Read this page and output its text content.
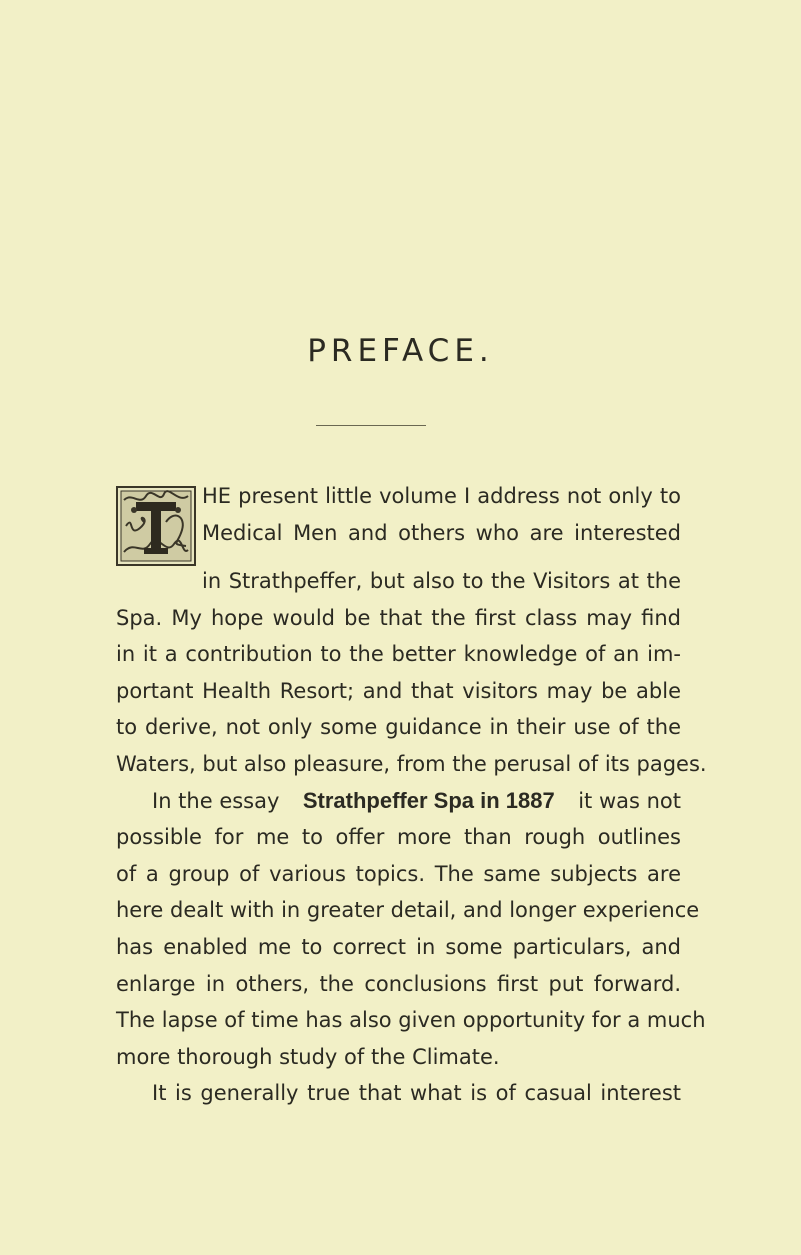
PREFACE.
HE present little volume I address not only to
Medical Men and others who are interested
in Strathpeffer, but also to the Visitors at the
Spa. My hope would be that the first class may find
in it a contribution to the better knowledge of an im-
portant Health Resort; and that visitors may be able
to derive, not only some guidance in their use of the
Waters, but also pleasure, from the perusal of its pages.
In the essay Strathpeffer Spa in 1887 it was not
possible for me to offer more than rough outlines
of a group of various topics. The same subjects are
here dealt with in greater detail, and longer experience
has enabled me to correct in some particulars, and
enlarge in others, the conclusions first put forward.
The lapse of time has also given opportunity for a much
more thorough study of the Climate.
It is generally true that what is of casual interest
